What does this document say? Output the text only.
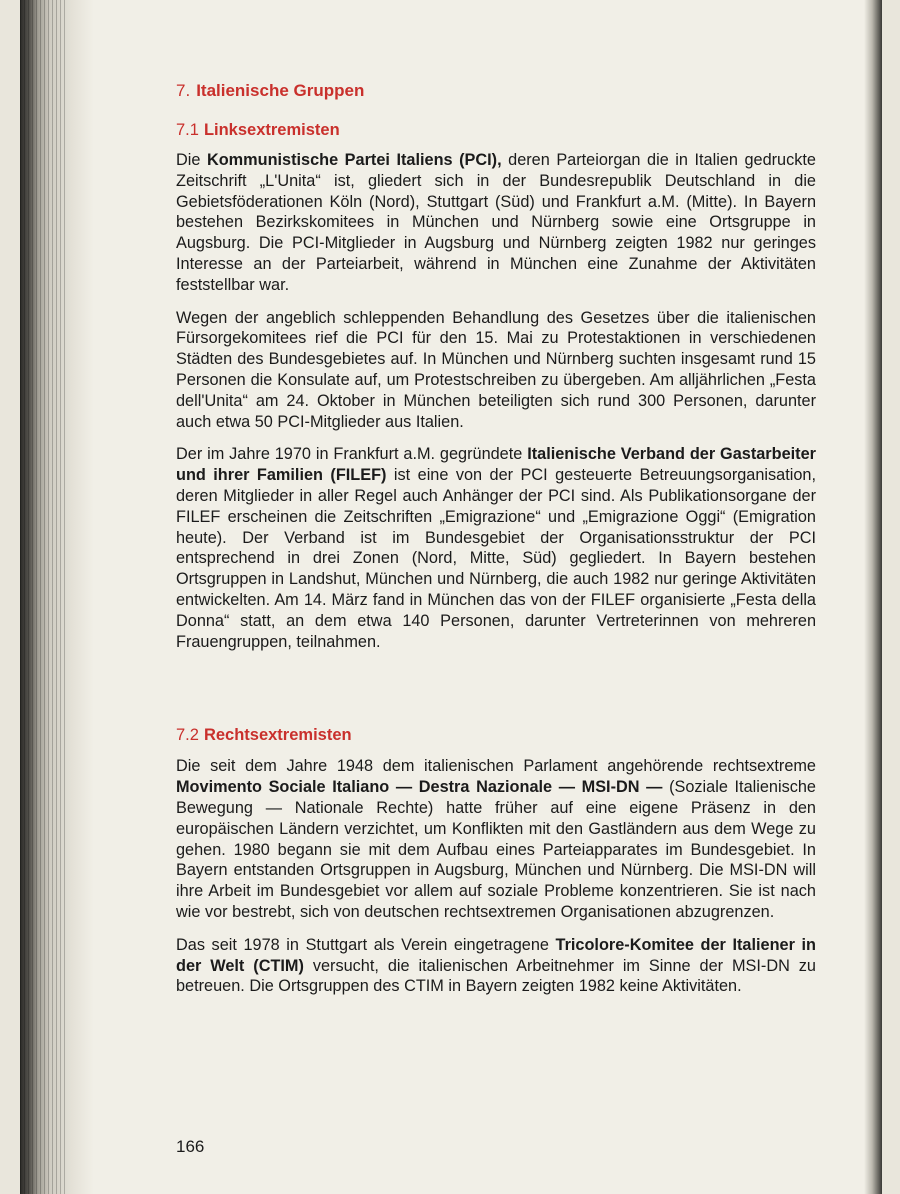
7. Italienische Gruppen
7.1 Linksextremisten

Die Kommunistische Partei Italiens (PCI), deren Parteiorgan die in Italien gedruckte Zeitschrift „L'Unita“ ist, gliedert sich in der Bundesrepublik Deutschland in die Gebietsföderationen Köln (Nord), Stuttgart (Süd) und Frankfurt a.M. (Mitte). In Bayern bestehen Bezirkskomitees in München und Nürnberg sowie eine Ortsgruppe in Augsburg. Die PCI-Mitglieder in Augsburg und Nürnberg zeigten 1982 nur geringes Interesse an der Parteiarbeit, während in München eine Zunahme der Aktivitäten feststellbar war.

Wegen der angeblich schleppenden Behandlung des Gesetzes über die italienischen Fürsorgekomitees rief die PCI für den 15. Mai zu Protestaktionen in verschiedenen Städten des Bundesgebietes auf. In München und Nürnberg suchten insgesamt rund 15 Personen die Konsulate auf, um Protestschreiben zu übergeben. Am alljährlichen „Festa dell'Unita“ am 24. Oktober in München beteiligten sich rund 300 Personen, darunter auch etwa 50 PCI-Mitglieder aus Italien.

Der im Jahre 1970 in Frankfurt a.M. gegründete Italienische Verband der Gastarbeiter und ihrer Familien (FILEF) ist eine von der PCI gesteuerte Betreuungsorganisation, deren Mitglieder in aller Regel auch Anhänger der PCI sind. Als Publikationsorgane der FILEF erscheinen die Zeitschriften „Emigrazione“ und „Emigrazione Oggi“ (Emigration heute). Der Verband ist im Bundesgebiet der Organisationsstruktur der PCI entsprechend in drei Zonen (Nord, Mitte, Süd) gegliedert. In Bayern bestehen Ortsgruppen in Landshut, München und Nürnberg, die auch 1982 nur geringe Aktivitäten entwickelten. Am 14. März fand in München das von der FILEF organisierte „Festa della Donna“ statt, an dem etwa 140 Personen, darunter Vertreterinnen von mehreren Frauengruppen, teilnahmen.

7.2 Rechtsextremisten

Die seit dem Jahre 1948 dem italienischen Parlament angehörende rechtsextreme Movimento Sociale Italiano — Destra Nazionale — MSI-DN — (Soziale Italienische Bewegung — Nationale Rechte) hatte früher auf eine eigene Präsenz in den europäischen Ländern verzichtet, um Konflikten mit den Gastländern aus dem Wege zu gehen. 1980 begann sie mit dem Aufbau eines Parteiapparates im Bundesgebiet. In Bayern entstanden Ortsgruppen in Augsburg, München und Nürnberg. Die MSI-DN will ihre Arbeit im Bundesgebiet vor allem auf soziale Probleme konzentrieren. Sie ist nach wie vor bestrebt, sich von deutschen rechtsextremen Organisationen abzugrenzen.

Das seit 1978 in Stuttgart als Verein eingetragene Tricolore-Komitee der Italiener in der Welt (CTIM) versucht, die italienischen Arbeitnehmer im Sinne der MSI-DN zu betreuen. Die Ortsgruppen des CTIM in Bayern zeigten 1982 keine Aktivitäten.

166
